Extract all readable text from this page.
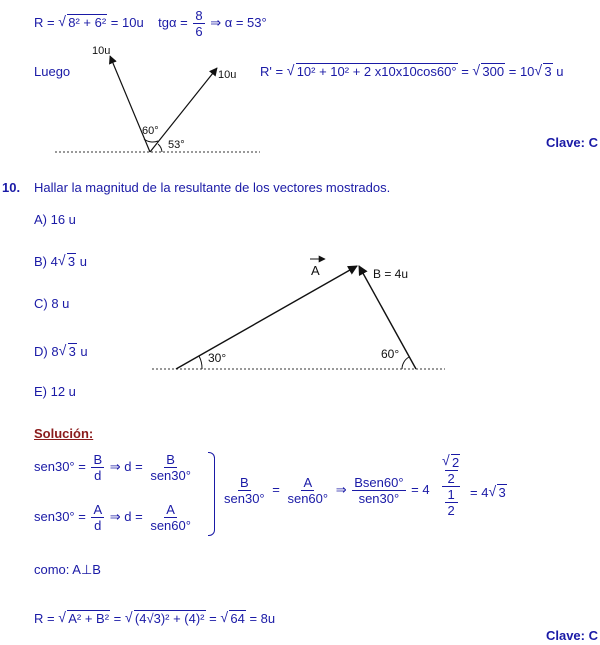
R = √ 8² + 6² = 10u $tg\alpha = \frac{8}{6}$ ⇒ α = 53°
Luego
10u
10u
60°
53°
R' = √ 10² + 10² + 2 x10x10cos60° = √ 300 = 10 √ 3 u
Clave: C
10. Hallar la magnitud de la resultante de los vectores mostrados.
A) 16 u
B) 4 √ 3 u
C) 8 u
D) 8 √ 3 u
E) 12 u
A	B = 4u
30°	60°
Solución:
$sen30^\circ = \frac{B}{d}$ ⇒ $d = \frac{B}{\text{sen30°}}$
$sen30^\circ = \frac{A}{d}$ ⇒ $d = \frac{A}{\text{sen60°}}$
$\frac{B}{\text{sen30°}} = \frac{A}{\text{sen60°}}$ ⇒ $\frac{\text{Bsen60°}}{\text{sen30°}} = 4$
√ 2
2
1
2
= 4 √ 3
como: A⊥B
R = √ A² + B² = √ (4√3)² + (4)² = √ 64 = 8u
Clave: C
